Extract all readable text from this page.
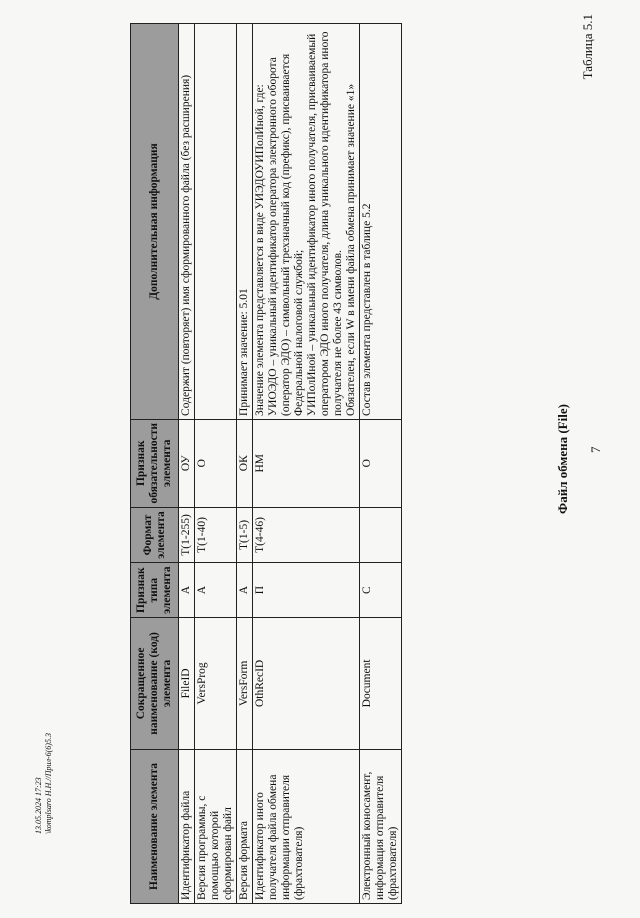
7
Таблица 5.1
Файл обмена (File)
Наименование элемента	Сокращенное наименование (код) элемента	Признак типа элемента	Формат элемента	Признак обязательности элемента	Дополнительная информация
Идентификатор файла	FileID	А	T(1-255)	ОУ	Содержит (повторяет) имя сформированного файла (без расширения)
Версия программы, с помощью которой сформирован файл	VersProg	А	T(1-40)	О	
Версия формата	VersForm	А	T(1-5)	ОК	Принимает значение: 5.01
Идентификатор иного получателя файла обмена информации отправителя (фрахтователя)	OthRecID	П	T(4-46)	НМ	Значение элемента представляется в виде УИЭДОУИПолИной, где:
УИОЭДО – уникальный идентификатор оператора электронного оборота (оператор ЭДО) – символьный трехзначный код (префикс), присваивается Федеральной налоговой службой;
УИПолИной – уникальный идентификатор иного получателя, присваиваемый оператором ЭДО иного получателя, длина уникального идентификатора иного получателя не более 43 символов.
Обязателен, если W в имени файла обмена принимает значение «1»
Электронный коносамент, информация отправителя (фрахтователя)	Document	С		О	Состав элемента представлен в таблице 5.2
13.05.2024 17:23 \komplsaro Н.Н.//Прил-6(6)5.3
